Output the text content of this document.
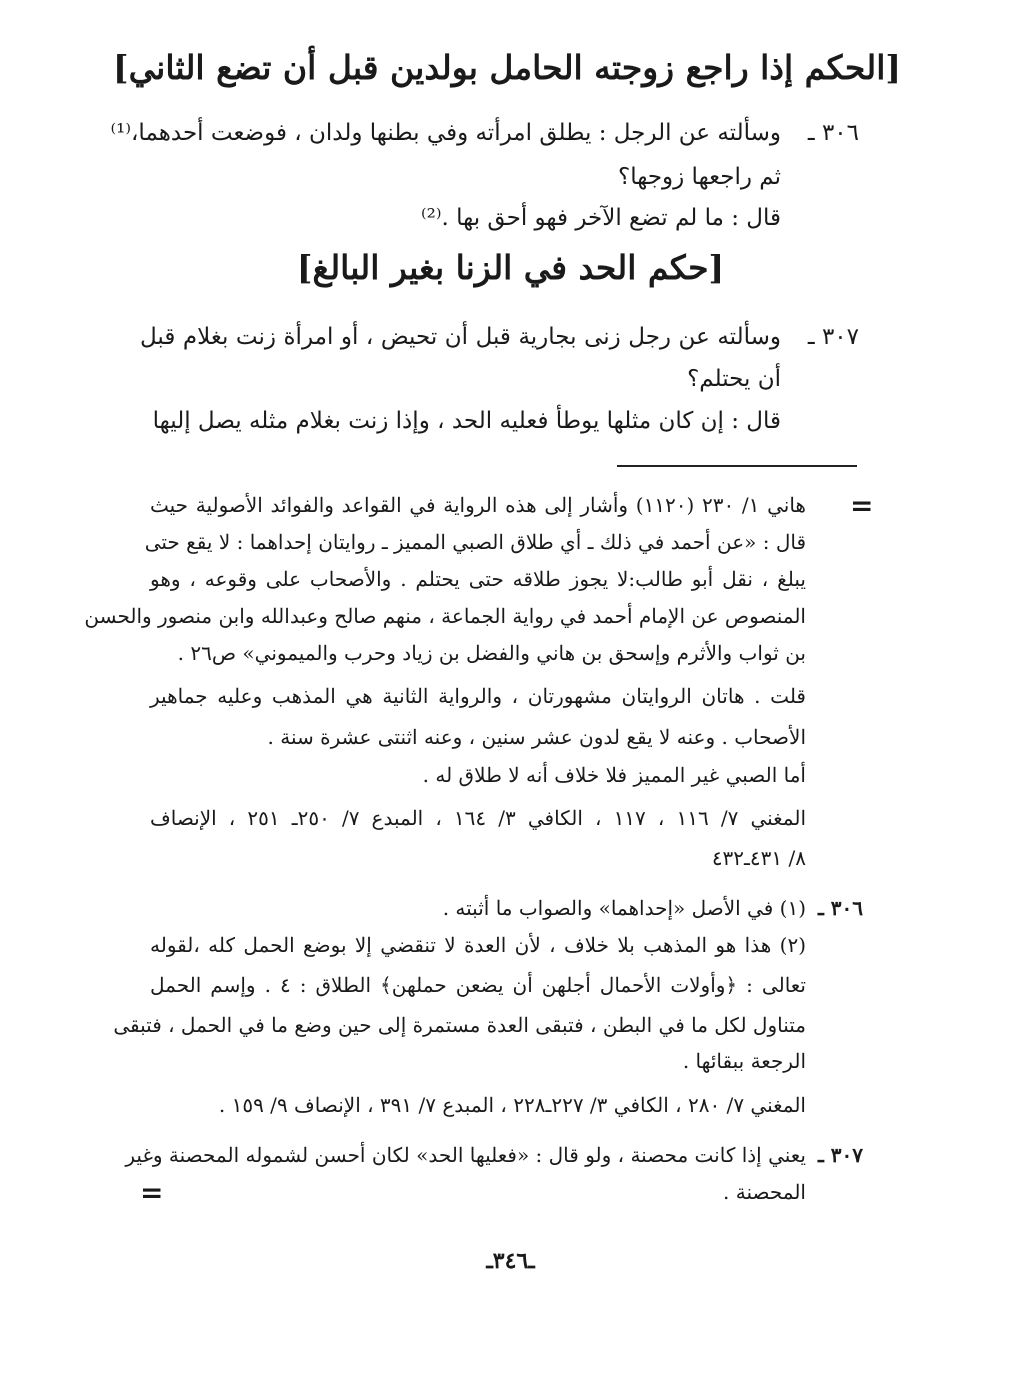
[الحكم إذا راجع زوجته الحامل بولدين قبل أن تضع الثاني]
٣٠٦ ـ
وسألته عن الرجل : يطلق امرأته وفي بطنها ولدان ، فوضعت أحدهما،⁽¹⁾
ثم راجعها زوجها؟
قال : ما لم تضع الآخر فهو أحق بها .⁽²⁾
[حكم الحد في الزنا بغير البالغ]
٣٠٧ ـ
وسألته عن رجل زنى بجارية قبل أن تحيض ، أو امرأة زنت بغلام قبل
أن يحتلم؟
قال : إن كان مثلها يوطأ فعليه الحد ، وإذا زنت بغلام مثله يصل إليها
=
هاني ١/ ٢٣٠ (١١٢٠) وأشار إلى هذه الرواية في القواعد والفوائد الأصولية حيث
قال : «عن أحمد في ذلك ـ أي طلاق الصبي المميز ـ روايتان إحداهما : لا يقع حتى
يبلغ ، نقل أبو طالب:لا يجوز طلاقه حتى يحتلم . والأصحاب على وقوعه ، وهو
المنصوص عن الإمام أحمد في رواية الجماعة ، منهم صالح وعبدالله وابن منصور والحسن
بن ثواب والأثرم وإسحق بن هاني والفضل بن زياد وحرب والميموني» ص٢٦ .
قلت . هاتان الروايتان مشهورتان ، والرواية الثانية هي المذهب وعليه جماهير
الأصحاب . وعنه لا يقع لدون عشر سنين ، وعنه اثنتى عشرة سنة .
أما الصبي غير المميز فلا خلاف أنه لا طلاق له .
المغني ٧/ ١١٦ ، ١١٧ ، الكافي ٣/ ١٦٤ ، المبدع ٧/ ٢٥٠ـ ٢٥١ ، الإنصاف
٨/ ٤٣١ـ٤٣٢
٣٠٦ ـ
(١) في الأصل «إحداهما» والصواب ما أثبته .
(٢) هذا هو المذهب بلا خلاف ، لأن العدة لا تنقضي إلا بوضع الحمل كله ،لقوله
تعالى : ﴿وأولات الأحمال أجلهن أن يضعن حملهن﴾ الطلاق : ٤ . وإسم الحمل
متناول لكل ما في البطن ، فتبقى العدة مستمرة إلى حين وضع ما في الحمل ، فتبقى
الرجعة ببقائها .
المغني ٧/ ٢٨٠ ، الكافي ٣/ ٢٢٧ـ٢٢٨ ، المبدع ٧/ ٣٩١ ، الإنصاف ٩/ ١٥٩ .
٣٠٧ ـ
يعني إذا كانت محصنة ، ولو قال : «فعليها الحد» لكان أحسن لشموله المحصنة وغير
المحصنة .
=
ـ٣٤٦ـ
